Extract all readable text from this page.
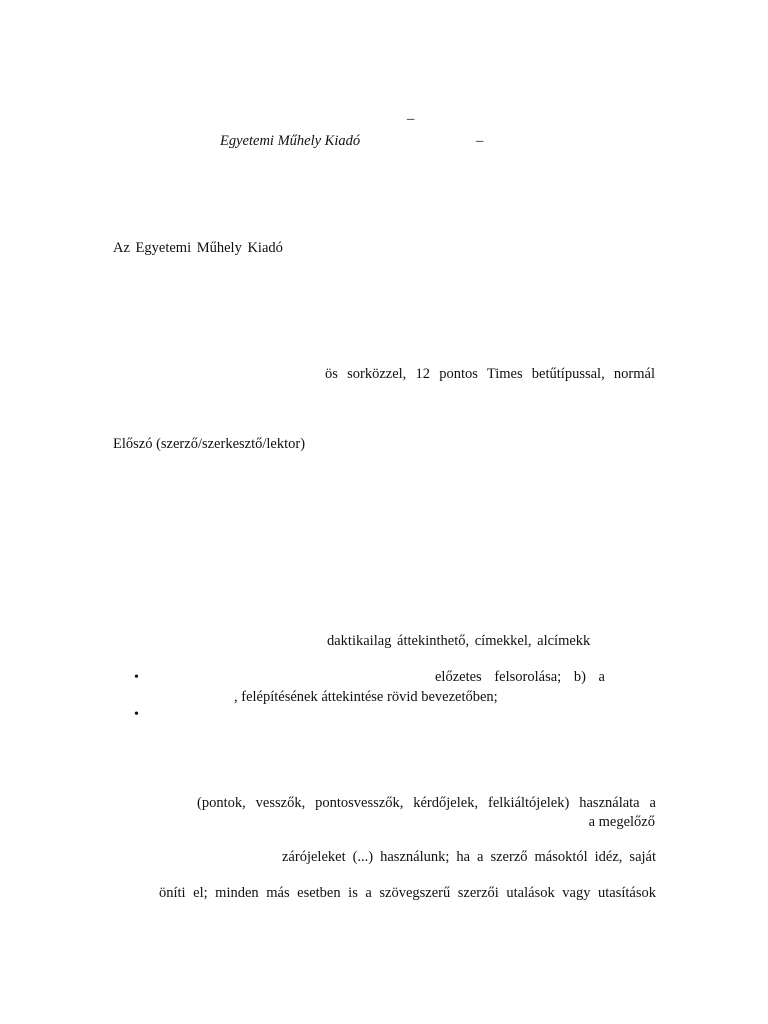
–
Egyetemi Műhely Kiadó	–
Az Egyetemi Műhely Kiadó
ös sorközzel, 12 pontos Times betűtípussal, normál
Előszó (szerző/szerkesztő/lektor)
daktikailag áttekinthető, címekkel, alcímekk
•	előzetes felsorolása; b) a
, felépítésének áttekintése rövid bevezetőben;
•
(pontok, vesszők, pontosvesszők, kérdőjelek, felkiáltójelek) használata a
a megelőző
zárójeleket (...) használunk; ha a szerző másoktól idéz, saját
öníti el; minden más esetben is a szövegszerű szerzői utalások vagy utasítások
